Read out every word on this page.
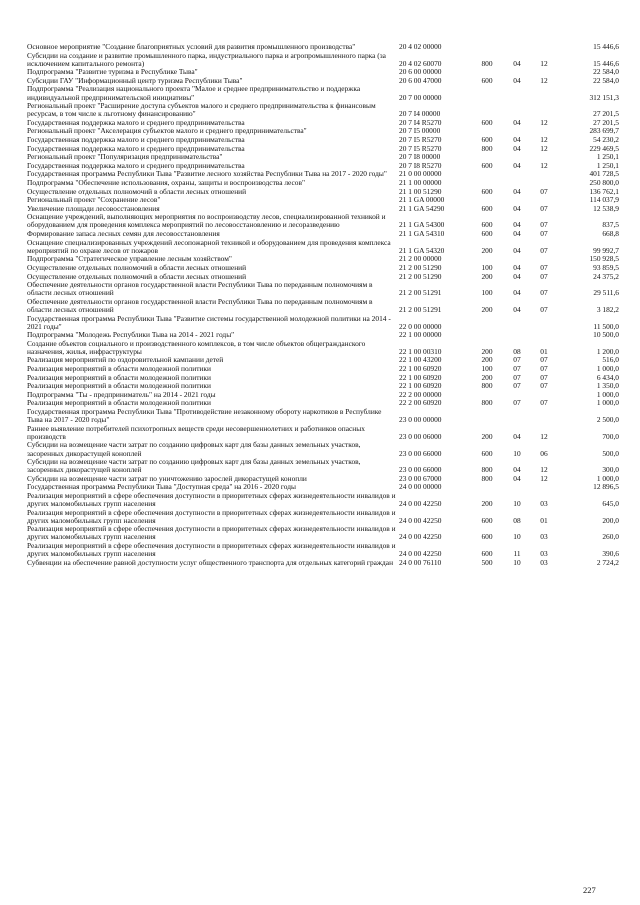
Основное мероприятие "Создание благоприятных условий для развития промышленного производства"	20 4 02 00000				15 446,6
Субсидии на создание и развитие промышленного парка, индустриального парка и агропромышленного парка (за исключением капитального ремонта)	20 4 02 60070	800	04	12	15 446,6
Подпрограмма "Развитие туризма в Республике Тыва"	20 6 00 00000				22 584,0
Субсидии ГАУ "Информационный центр туризма Республики Тыва"	20 6 00 47000	600	04	12	22 584,0
Подпрограмма "Реализация национального проекта "Малое и среднее предпринимательство и поддержка индивидуальной предпринимательской инициативы"	20 7 00 00000				312 151,3
Региональный проект "Расширение доступа субъектов малого и среднего предпринимательства к финансовым ресурсам, в том числе к льготному финансированию"	20 7 I4 00000				27 201,5
Государственная поддержка малого и среднего предпринимательства	20 7 I4 R5270	600	04	12	27 201,5
Региональный проект "Акселерация субъектов малого и среднего предпринимательства"	20 7 I5 00000				283 699,7
Государственная поддержка малого и среднего предпринимательства	20 7 I5 R5270	600	04	12	54 230,2
Государственная поддержка малого и среднего предпринимательства	20 7 I5 R5270	800	04	12	229 469,5
Региональный проект "Популяризация предпринимательства"	20 7 I8 00000				1 250,1
Государственная поддержка малого и среднего предпринимательства	20 7 I8 R5270	600	04	12	1 250,1
Государственная программа Республики Тыва "Развитие лесного хозяйства Республики Тыва на 2017 - 2020 годы"	21 0 00 00000				401 728,5
Подпрограмма "Обеспечение использования, охраны, защиты и воспроизводства лесов"	21 1 00 00000				250 800,0
Осуществление отдельных полномочий в области лесных отношений	21 1 00 51290	600	04	07	136 762,1
Региональный проект "Сохранение лесов"	21 1 GA 00000				114 037,9
Увеличение площади лесовосстановления	21 1 GA 54290	600	04	07	12 538,9
Оснащение учреждений, выполняющих мероприятия по воспроизводству лесов, специализированной техникой и оборудованием для проведения комплекса мероприятий по лесовосстановлению и лесоразведению	21 1 GA 54300	600	04	07	837,5
Формирование запаса лесных семян для лесовосстановления	21 1 GA 54310	600	04	07	668,8
Оснащение специализированных учреждений лесопожарной техникой и оборудованием для проведения комплекса мероприятий по охране лесов от пожаров	21 1 GA 54320	200	04	07	99 992,7
Подпрограмма "Стратегическое управление лесным хозяйством"	21 2 00 00000				150 928,5
Осуществление отдельных полномочий в области лесных отношений	21 2 00 51290	100	04	07	93 859,5
Осуществление отдельных полномочий в области лесных отношений	21 2 00 51290	200	04	07	24 375,2
Обеспечение деятельности органов государственной власти Республики Тыва по переданным полномочиям в области лесных отношений	21 2 00 51291	100	04	07	29 511,6
Обеспечение деятельности органов государственной власти Республики Тыва по переданным полномочиям в области лесных отношений	21 2 00 51291	200	04	07	3 182,2
Государственная программа Республики Тыва "Развитие системы государственной молодежной политики на 2014 - 2021 годы"	22 0 00 00000				11 500,0
Подпрограмма "Молодежь Республики Тыва на 2014 - 2021 годы"	22 1 00 00000				10 500,0
Создание объектов социального и производственного комплексов, в том числе объектов общегражданского назначения, жилья, инфраструктуры	22 1 00 00310	200	08	01	1 200,0
Реализация мероприятий по оздоровительной кампании детей	22 1 00 43200	200	07	07	516,0
Реализация мероприятий в области молодежной политики	22 1 00 60920	100	07	07	1 000,0
Реализация мероприятий в области молодежной политики	22 1 00 60920	200	07	07	6 434,0
Реализация мероприятий в области молодежной политики	22 1 00 60920	800	07	07	1 350,0
Подпрограмма "Ты - предприниматель" на 2014 - 2021 годы	22 2 00 00000				1 000,0
Реализация мероприятий в области молодежной политики	22 2 00 60920	800	07	07	1 000,0
Государственная программа Республики Тыва "Противодействие незаконному обороту наркотиков в Республике Тыва на 2017 - 2020 годы"	23 0 00 00000				2 500,0
Раннее выявление потребителей психотропных веществ среди несовершеннолетних и работников опасных производств	23 0 00 06000	200	04	12	700,0
Субсидии на возмещение части затрат по созданию цифровых карт для базы данных земельных участков, засоренных дикорастущей коноплей	23 0 00 66000	600	10	06	500,0
Субсидии на возмещение части затрат по созданию цифровых карт для базы данных земельных участков, засоренных дикорастущей коноплей	23 0 00 66000	800	04	12	300,0
Субсидии на возмещение части затрат по уничтожению зарослей дикорастущей конопли	23 0 00 67000	800	04	12	1 000,0
Государственная программа Республики Тыва "Доступная среда" на 2016 - 2020 годы	24 0 00 00000				12 896,5
Реализация мероприятий в сфере обеспечения доступности в приоритетных сферах жизнедеятельности инвалидов и других маломобильных групп населения	24 0 00 42250	200	10	03	645,0
Реализация мероприятий в сфере обеспечения доступности в приоритетных сферах жизнедеятельности инвалидов и других маломобильных групп населения	24 0 00 42250	600	08	01	200,0
Реализация мероприятий в сфере обеспечения доступности в приоритетных сферах жизнедеятельности инвалидов и других маломобильных групп населения	24 0 00 42250	600	10	03	260,0
Реализация мероприятий в сфере обеспечения доступности в приоритетных сферах жизнедеятельности инвалидов и других маломобильных групп населения	24 0 00 42250	600	11	03	390,6
Субвенции на обеспечение равной доступности услуг общественного транспорта для отдельных категорий граждан	24 0 00 76110	500	10	03	2 724,2
227
